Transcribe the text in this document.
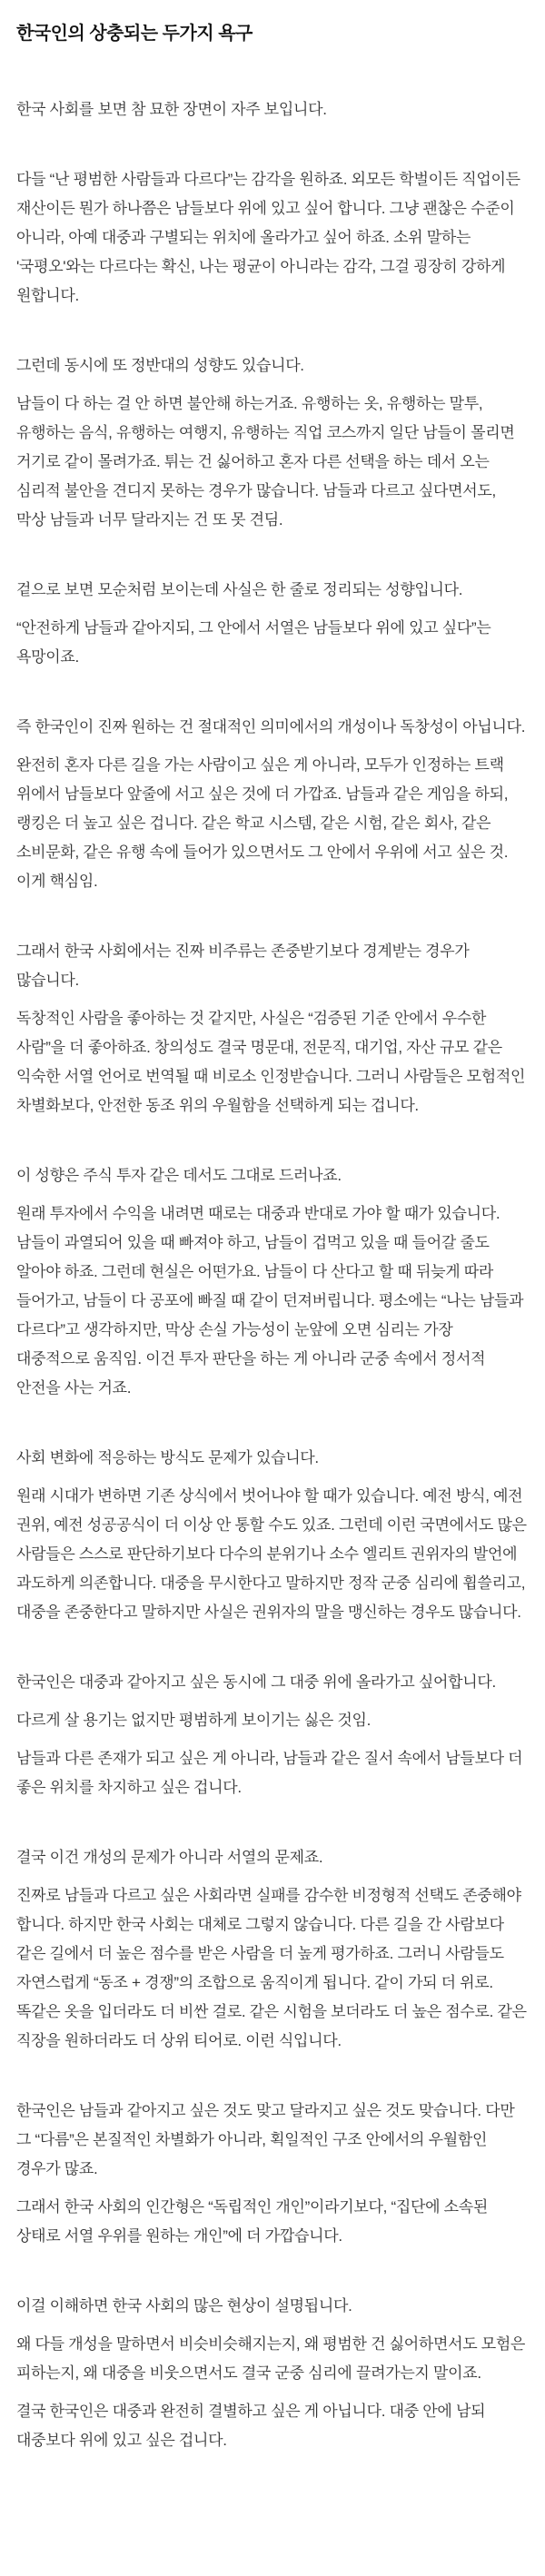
한국인의 상충되는 두가지 욕구

한국 사회를 보면 참 묘한 장면이 자주 보입니다.

다들 “난 평범한 사람들과 다르다”는 감각을 원하죠. 외모든 학벌이든 직업이든 재산이든 뭔가 하나쯤은 남들보다 위에 있고 싶어 합니다. 그냥 괜찮은 수준이 아니라, 아예 대중과 구별되는 위치에 올라가고 싶어 하죠. 소위 말하는 '국평오'와는 다르다는 확신, 나는 평균이 아니라는 감각, 그걸 굉장히 강하게 원합니다.

그런데 동시에 또 정반대의 성향도 있습니다.

남들이 다 하는 걸 안 하면 불안해 하는거죠. 유행하는 옷, 유행하는 말투, 유행하는 음식, 유행하는 여행지, 유행하는 직업 코스까지 일단 남들이 몰리면 거기로 같이 몰려가죠. 튀는 건 싫어하고 혼자 다른 선택을 하는 데서 오는 심리적 불안을 견디지 못하는 경우가 많습니다. 남들과 다르고 싶다면서도, 막상 남들과 너무 달라지는 건 또 못 견딤.

겉으로 보면 모순처럼 보이는데 사실은 한 줄로 정리되는 성향입니다.

“안전하게 남들과 같아지되, 그 안에서 서열은 남들보다 위에 있고 싶다”는 욕망이죠.

즉 한국인이 진짜 원하는 건 절대적인 의미에서의 개성이나 독창성이 아닙니다.

완전히 혼자 다른 길을 가는 사람이고 싶은 게 아니라, 모두가 인정하는 트랙 위에서 남들보다 앞줄에 서고 싶은 것에 더 가깝죠. 남들과 같은 게임을 하되, 랭킹은 더 높고 싶은 겁니다. 같은 학교 시스템, 같은 시험, 같은 회사, 같은 소비문화, 같은 유행 속에 들어가 있으면서도 그 안에서 우위에 서고 싶은 것. 이게 핵심임.

그래서 한국 사회에서는 진짜 비주류는 존중받기보다 경계받는 경우가 많습니다.

독창적인 사람을 좋아하는 것 같지만, 사실은 “검증된 기준 안에서 우수한 사람”을 더 좋아하죠. 창의성도 결국 명문대, 전문직, 대기업, 자산 규모 같은 익숙한 서열 언어로 번역될 때 비로소 인정받습니다. 그러니 사람들은 모험적인 차별화보다, 안전한 동조 위의 우월함을 선택하게 되는 겁니다.

이 성향은 주식 투자 같은 데서도 그대로 드러나죠.

원래 투자에서 수익을 내려면 때로는 대중과 반대로 가야 할 때가 있습니다. 남들이 과열되어 있을 때 빠져야 하고, 남들이 겁먹고 있을 때 들어갈 줄도 알아야 하죠. 그런데 현실은 어떤가요. 남들이 다 산다고 할 때 뒤늦게 따라 들어가고, 남들이 다 공포에 빠질 때 같이 던져버립니다. 평소에는 “나는 남들과 다르다”고 생각하지만, 막상 손실 가능성이 눈앞에 오면 심리는 가장 대중적으로 움직임. 이건 투자 판단을 하는 게 아니라 군중 속에서 정서적 안전을 사는 거죠.

사회 변화에 적응하는 방식도 문제가 있습니다.

원래 시대가 변하면 기존 상식에서 벗어나야 할 때가 있습니다. 예전 방식, 예전 권위, 예전 성공공식이 더 이상 안 통할 수도 있죠. 그런데 이런 국면에서도 많은 사람들은 스스로 판단하기보다 다수의 분위기나 소수 엘리트 권위자의 발언에 과도하게 의존합니다. 대중을 무시한다고 말하지만 정작 군중 심리에 휩쓸리고, 대중을 존중한다고 말하지만 사실은 권위자의 말을 맹신하는 경우도 많습니다.

한국인은 대중과 같아지고 싶은 동시에 그 대중 위에 올라가고 싶어합니다.

다르게 살 용기는 없지만 평범하게 보이기는 싫은 것임.

남들과 다른 존재가 되고 싶은 게 아니라, 남들과 같은 질서 속에서 남들보다 더 좋은 위치를 차지하고 싶은 겁니다.

결국 이건 개성의 문제가 아니라 서열의 문제죠.

진짜로 남들과 다르고 싶은 사회라면 실패를 감수한 비정형적 선택도 존중해야 합니다. 하지만 한국 사회는 대체로 그렇지 않습니다. 다른 길을 간 사람보다 같은 길에서 더 높은 점수를 받은 사람을 더 높게 평가하죠. 그러니 사람들도 자연스럽게 “동조 + 경쟁”의 조합으로 움직이게 됩니다. 같이 가되 더 위로. 똑같은 옷을 입더라도 더 비싼 걸로. 같은 시험을 보더라도 더 높은 점수로. 같은 직장을 원하더라도 더 상위 티어로. 이런 식입니다.

한국인은 남들과 같아지고 싶은 것도 맞고 달라지고 싶은 것도 맞습니다. 다만 그 “다름”은 본질적인 차별화가 아니라, 획일적인 구조 안에서의 우월함인 경우가 많죠.

그래서 한국 사회의 인간형은 “독립적인 개인”이라기보다, “집단에 소속된 상태로 서열 우위를 원하는 개인”에 더 가깝습니다.

이걸 이해하면 한국 사회의 많은 현상이 설명됩니다.

왜 다들 개성을 말하면서 비슷비슷해지는지, 왜 평범한 건 싫어하면서도 모험은 피하는지, 왜 대중을 비웃으면서도 결국 군중 심리에 끌려가는지 말이죠.

결국 한국인은 대중과 완전히 결별하고 싶은 게 아닙니다. 대중 안에 남되 대중보다 위에 있고 싶은 겁니다.
